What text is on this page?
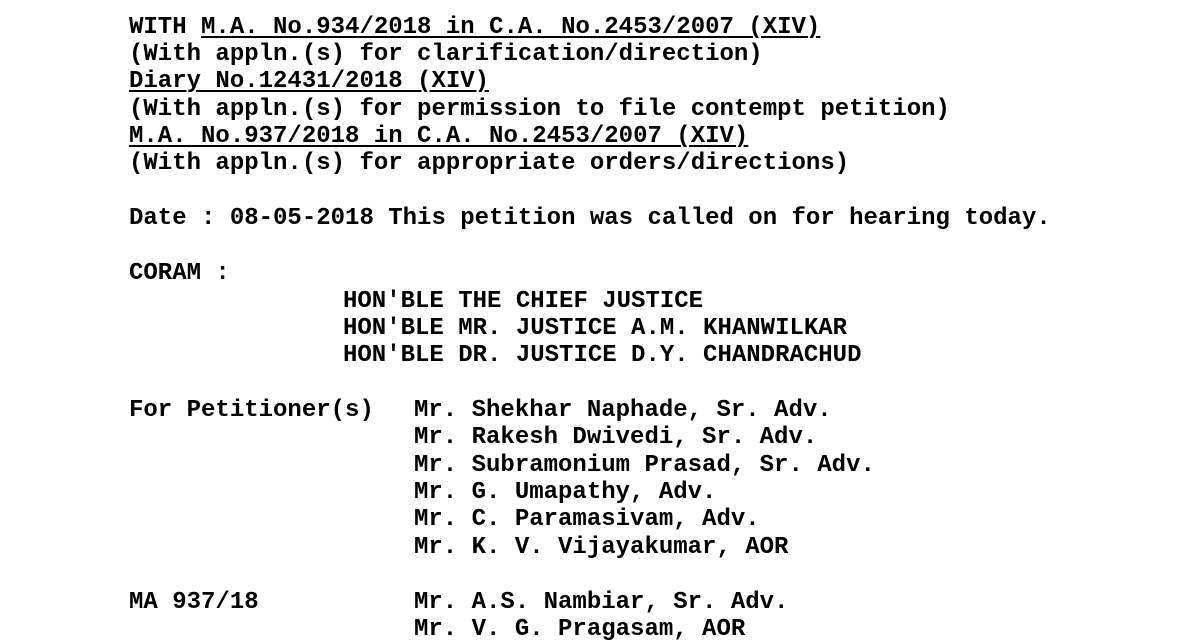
WITH M.A. No.934/2018 in C.A. No.2453/2007 (XIV)
(With appln.(s) for clarification/direction)
Diary No.12431/2018 (XIV)
(With appln.(s) for permission to file contempt petition)
M.A. No.937/2018 in C.A. No.2453/2007 (XIV)
(With appln.(s) for appropriate orders/directions)
Date : 08-05-2018 This petition was called on for hearing today.
CORAM :
HON'BLE THE CHIEF JUSTICE
HON'BLE MR. JUSTICE A.M. KHANWILKAR
HON'BLE DR. JUSTICE D.Y. CHANDRACHUD
For Petitioner(s) Mr. Shekhar Naphade, Sr. Adv.
Mr. Rakesh Dwivedi, Sr. Adv.
Mr. Subramonium Prasad, Sr. Adv.
Mr. G. Umapathy, Adv.
Mr. C. Paramasivam, Adv.
Mr. K. V. Vijayakumar, AOR
MA 937/18	Mr. A.S. Nambiar, Sr. Adv.
Mr. V. G. Pragasam, AOR
